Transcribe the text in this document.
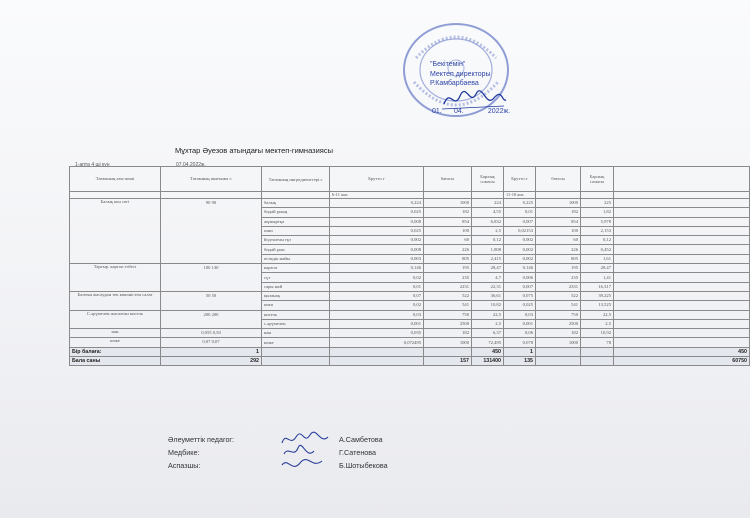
"Бекітемін"
Мектеп директоры
Р.Камбарбаева
01. 04.	2022ж.
Мұхтар Әуезов атындағы мектеп-гимназиясы
1-апта 4 ші күн	07.04.2022ж.
Тағамның аты-жөні	Тағамның шығымы г.	Тағамның ингредиенттері.г	Брутто.г	бағасы	Барлық сомасы	Брутто.г	бағасы	Барлық сомасы	
			6-11 жас			11-18 жас			
Балық кон сөгі	90 90	балық	0,224	1000	224	0,225	1000	225	
		бидай ұның	0,025	182	4,55	0,01	182	1,82	
		жұмыртқа	0,008	854	6,832	0,007	854	5,978	
		пияз	0,025	100	2,5	0,02153	100	2,153	
		йодталған тұз	0,002	60	0,12	0,002	60	0,12	
		бидай ұны	0,008	226	1,808	0,002	226	0,452	
		өсімдік майы	0,003	805	2,415	0,002	805	1,61	
Тартыр. картоп езбесі	100 130	картоп	0,146	195	28,47	0,146	195	28,47	
		сүт	0,02	235	4,7	0,006	235	1,41	
		сары май	0,01	2231	22,31	0,007	2331	16,317	
Балғын жасаудан тек көкөністен салат	50 50	қызанақ	0,07	522	36,61	0,075	522	39,225	
		көкп	0,02	541	10,82	0,025	541	13,525	
С.әрүмелен жасалған кисель	200 200	кисель	0,03	750	22,5	0,03	750	22,5	
		с.әрүмелен	0,001	2500	2,5	0,001	2500	2,5	
нан	0,055 0,50	нан	0,035	182	6,37	0,06	182	10,92	
көже	0,07 0,07	көже	0,072495	1000	72,495	0,078	1000	78	
Бір балаға:	1				450	1			450
Бала саны	292			157	131400	135			60750
Әлеуметтік педагог:	А.Самбетова
Медбике:	Г.Сатенова
Аспазшы:	Б.Шотыбекова
